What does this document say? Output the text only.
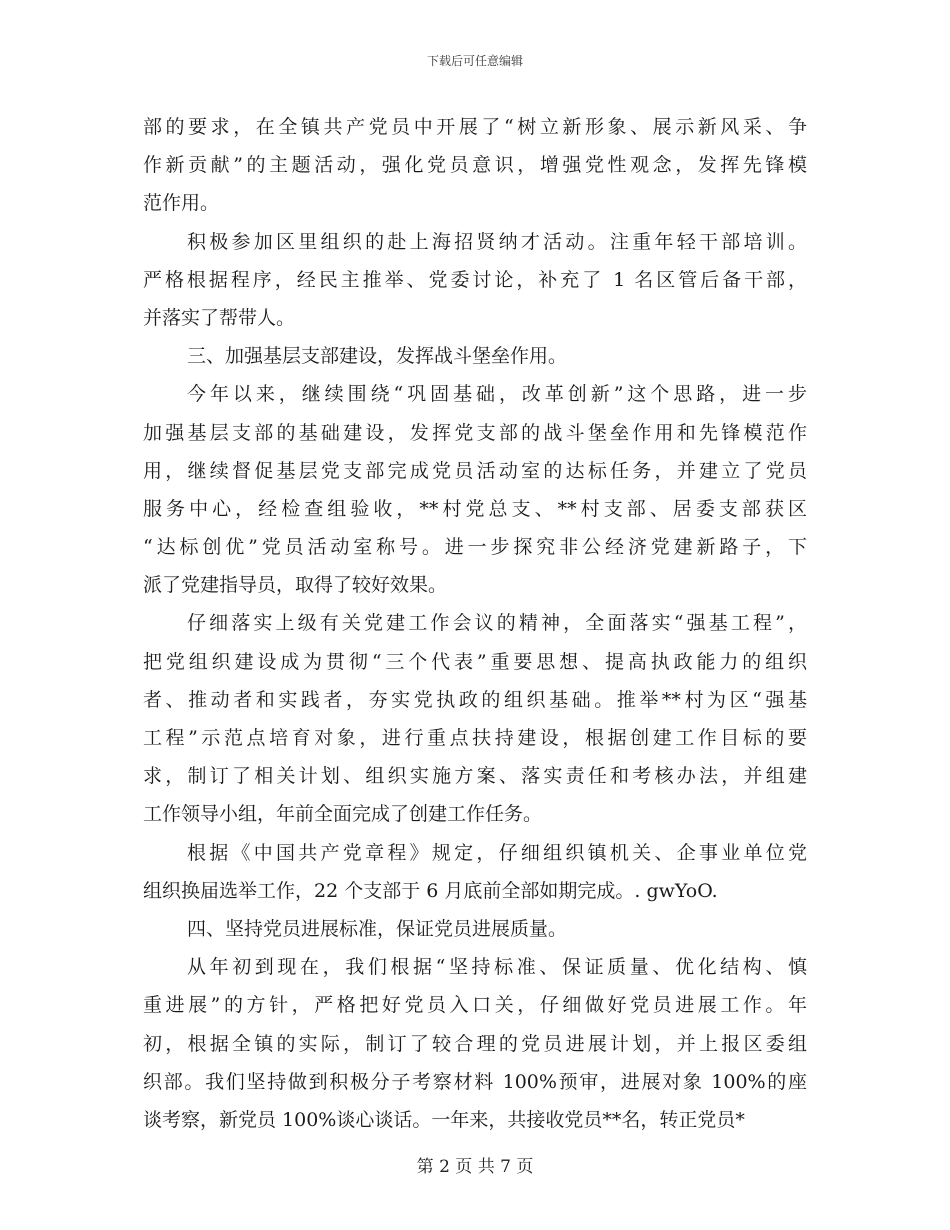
下载后可任意编辑
部的要求，在全镇共产党员中开展了“树立新形象、展示新风采、争
作新贡献”的主题活动，强化党员意识，增强党性观念，发挥先锋模
范作用。
积极参加区里组织的赴上海招贤纳才活动。注重年轻干部培训。
严格根据程序，经民主推举、党委讨论，补充了 1 名区管后备干部，
并落实了帮带人。
三、加强基层支部建设，发挥战斗堡垒作用。
今年以来，继续围绕“巩固基础，改革创新”这个思路，进一步
加强基层支部的基础建设，发挥党支部的战斗堡垒作用和先锋模范作
用，继续督促基层党支部完成党员活动室的达标任务，并建立了党员
服务中心，经检查组验收，**村党总支、**村支部、居委支部获区
“达标创优”党员活动室称号。进一步探究非公经济党建新路子，下
派了党建指导员，取得了较好效果。
仔细落实上级有关党建工作会议的精神，全面落实“强基工程”，
把党组织建设成为贯彻“三个代表”重要思想、提高执政能力的组织
者、推动者和实践者，夯实党执政的组织基础。推举**村为区“强基
工程”示范点培育对象，进行重点扶持建设，根据创建工作目标的要
求，制订了相关计划、组织实施方案、落实责任和考核办法，并组建
工作领导小组，年前全面完成了创建工作任务。
根据《中国共产党章程》规定，仔细组织镇机关、企事业单位党
组织换届选举工作，22 个支部于 6 月底前全部如期完成。. gwYoO.
四、坚持党员进展标准，保证党员进展质量。
从年初到现在，我们根据“坚持标准、保证质量、优化结构、慎
重进展”的方针，严格把好党员入口关，仔细做好党员进展工作。年
初，根据全镇的实际，制订了较合理的党员进展计划，并上报区委组
织部。我们坚持做到积极分子考察材料 100%预审，进展对象 100%的座
谈考察，新党员 100%谈心谈话。一年来，共接收党员**名，转正党员*
第 2 页 共 7 页
